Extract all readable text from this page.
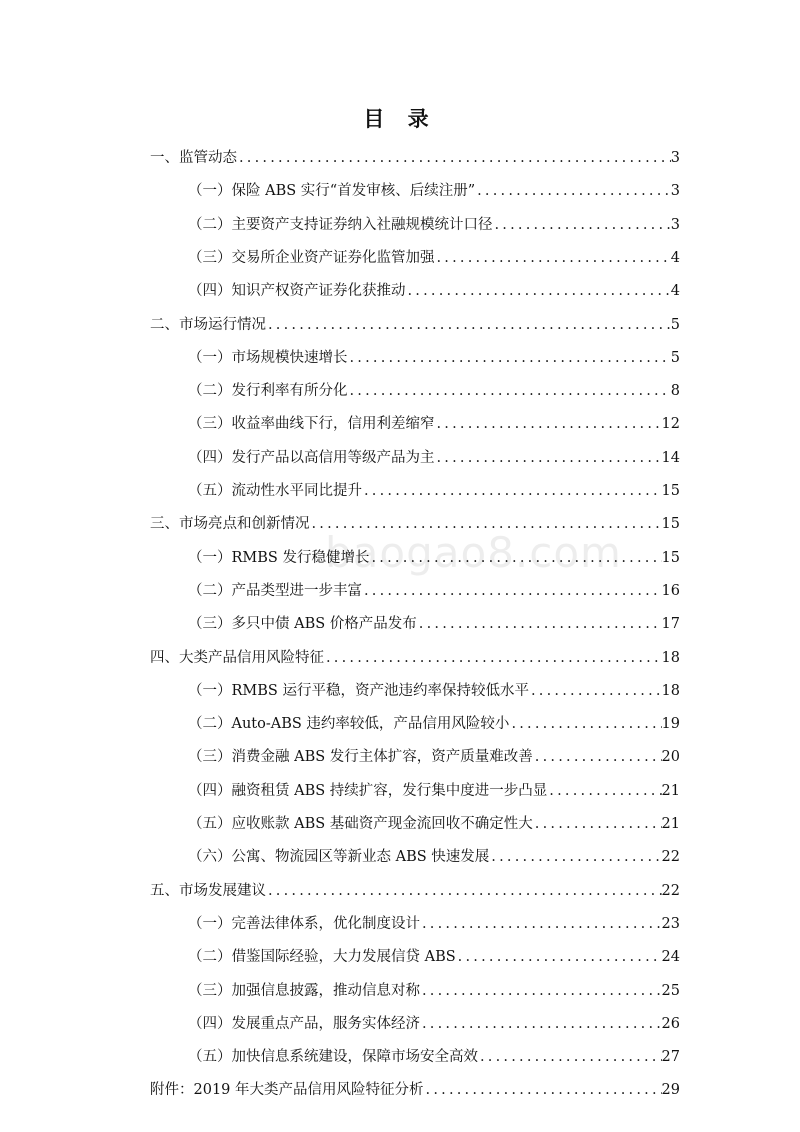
目 录
baogao8.com
一、监管动态 .....	3
（一）保险 ABS 实行“首发审核、后续注册” .....	3
（二）主要资产支持证券纳入社融规模统计口径 .....	3
（三）交易所企业资产证券化监管加强 .....	4
（四）知识产权资产证券化获推动 .....	4
二、市场运行情况 .....	5
（一）市场规模快速增长 .....	5
（二）发行利率有所分化 .....	8
（三）收益率曲线下行，信用利差缩窄 .....	12
（四）发行产品以高信用等级产品为主 .....	14
（五）流动性水平同比提升 .....	15
三、市场亮点和创新情况 .....	15
（一）RMBS 发行稳健增长 .....	15
（二）产品类型进一步丰富 .....	16
（三）多只中债 ABS 价格产品发布 .....	17
四、大类产品信用风险特征 .....	18
（一）RMBS 运行平稳，资产池违约率保持较低水平 .....	18
（二）Auto-ABS 违约率较低，产品信用风险较小 .....	19
（三）消费金融 ABS 发行主体扩容，资产质量难改善 .....	20
（四）融资租赁 ABS 持续扩容，发行集中度进一步凸显 .....	21
（五）应收账款 ABS 基础资产现金流回收不确定性大 .....	21
（六）公寓、物流园区等新业态 ABS 快速发展 .....	22
五、市场发展建议 .....	22
（一）完善法律体系，优化制度设计 .....	23
（二）借鉴国际经验，大力发展信贷 ABS .....	24
（三）加强信息披露，推动信息对称 .....	25
（四）发展重点产品，服务实体经济 .....	26
（五）加快信息系统建设，保障市场安全高效 .....	27
附件：2019 年大类产品信用风险特征分析 .....	29
